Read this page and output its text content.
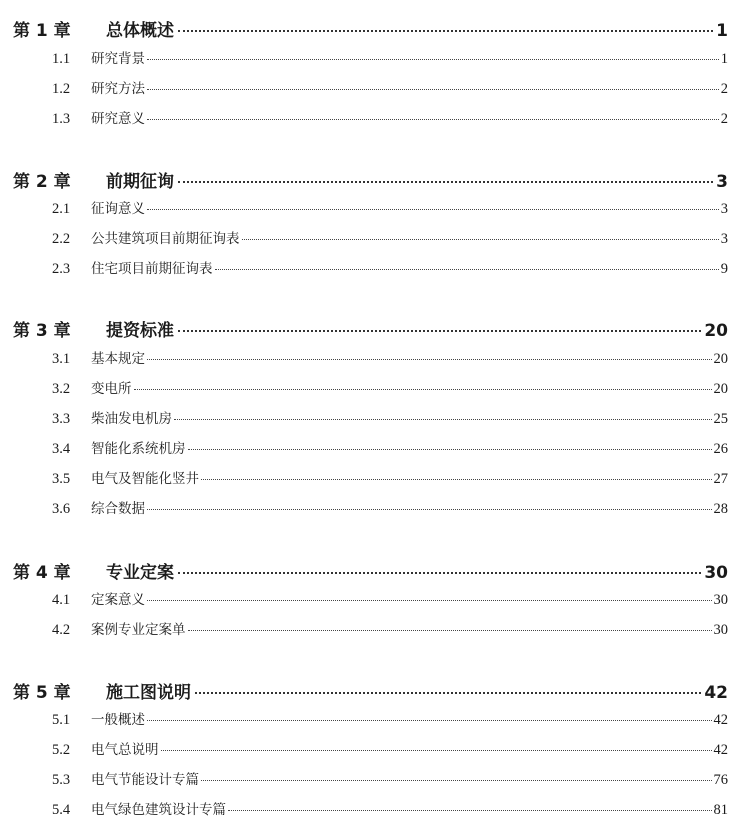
第 1 章	总体概述	1
1.1	研究背景	1
1.2	研究方法	2
1.3	研究意义	2
第 2 章	前期征询	3
2.1	征询意义	3
2.2	公共建筑项目前期征询表	3
2.3	住宅项目前期征询表	9
第 3 章	提资标准	20
3.1	基本规定	20
3.2	变电所	20
3.3	柴油发电机房	25
3.4	智能化系统机房	26
3.5	电气及智能化竖井	27
3.6	综合数据	28
第 4 章	专业定案	30
4.1	定案意义	30
4.2	案例专业定案单	30
第 5 章	施工图说明	42
5.1	一般概述	42
5.2	电气总说明	42
5.3	电气节能设计专篇	76
5.4	电气绿色建筑设计专篇	81
